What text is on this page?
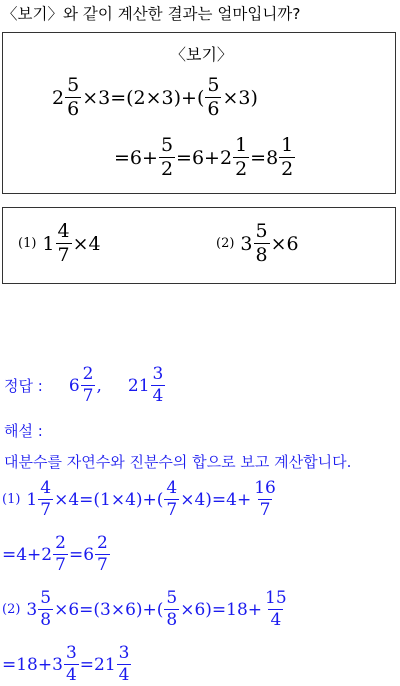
〈보기〉와 같이 계산한 결과는 얼마입니까?
〈보기〉
$2 \frac{5}{6} \times 3=(2\times 3)+( \frac{5}{6} \times 3)$
$=6+ \frac{5}{2} =6+2 \frac{1}{2} =8 \frac{1}{2}$
(1) $1 \frac{4}{7} \times 4$	(2) $3 \frac{5}{8} \times 6$
정답 : $6 \frac{2}{7}$ , $21 \frac{3}{4}$
해설 :
대분수를 자연수와 진분수의 합으로 보고 계산합니다.
(1) $1 \frac{4}{7} \times 4=(1\times 4)+( \frac{4}{7} \times 4)=4+ \frac{16}{7}$
$=4+2 \frac{2}{7} =6 \frac{2}{7}$
(2) $3 \frac{5}{8} \times 6=(3\times 6)+( \frac{5}{8} \times 6)=18+ \frac{15}{4}$
$=18+3 \frac{3}{4} =21 \frac{3}{4}$
